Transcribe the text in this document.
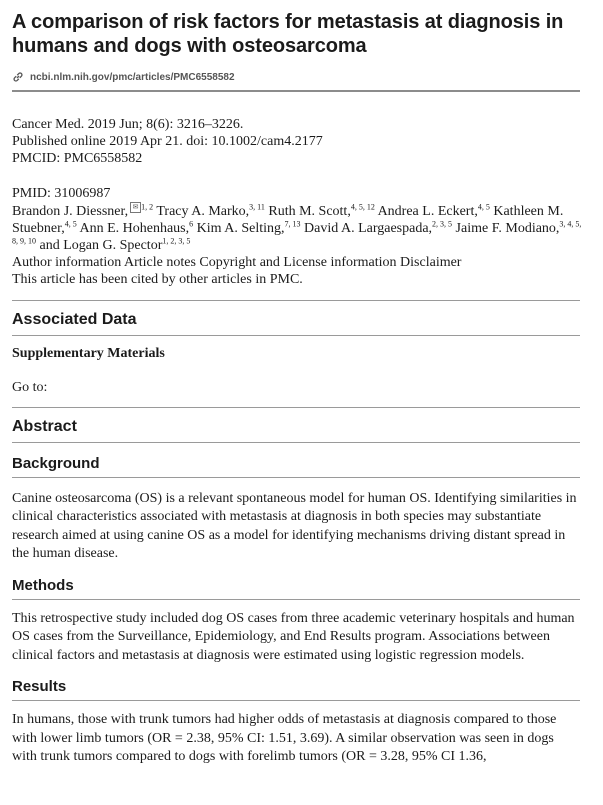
A comparison of risk factors for metastasis at diagnosis in humans and dogs with osteosarcoma
ncbi.nlm.nih.gov/pmc/articles/PMC6558582
Cancer Med. 2019 Jun; 8(6): 3216–3226.
Published online 2019 Apr 21. doi: 10.1002/cam4.2177
PMCID: PMC6558582
PMID: 31006987
Brandon J. Diessner, ✉ $^{1, 2}$ Tracy A. Marko,$^{3, 11}$ Ruth M. Scott,$^{4, 5, 12}$ Andrea L. Eckert,$^{4, 5}$ Kathleen M. Stuebner,$^{4, 5}$ Ann E. Hohenhaus,$^6$ Kim A. Selting,$^{7, 13}$ David A. Largaespada,$^{2, 3, 5}$ Jaime F. Modiano,$^{3, 4, 5, 8, 9, 10}$ and Logan G. Spector$^{1, 2, 3, 5}$
Author information Article notes Copyright and License information Disclaimer
This article has been cited by other articles in PMC.
Associated Data
Supplementary Materials
Go to:
Abstract
Background
Canine osteosarcoma (OS) is a relevant spontaneous model for human OS. Identifying similarities in clinical characteristics associated with metastasis at diagnosis in both species may substantiate research aimed at using canine OS as a model for identifying mechanisms driving distant spread in the human disease.
Methods
This retrospective study included dog OS cases from three academic veterinary hospitals and human OS cases from the Surveillance, Epidemiology, and End Results program. Associations between clinical factors and metastasis at diagnosis were estimated using logistic regression models.
Results
In humans, those with trunk tumors had higher odds of metastasis at diagnosis compared to those with lower limb tumors (OR = 2.38, 95% CI: 1.51, 3.69). A similar observation was seen in dogs with trunk tumors compared to dogs with forelimb tumors (OR = 3.28, 95% CI 1.36,
